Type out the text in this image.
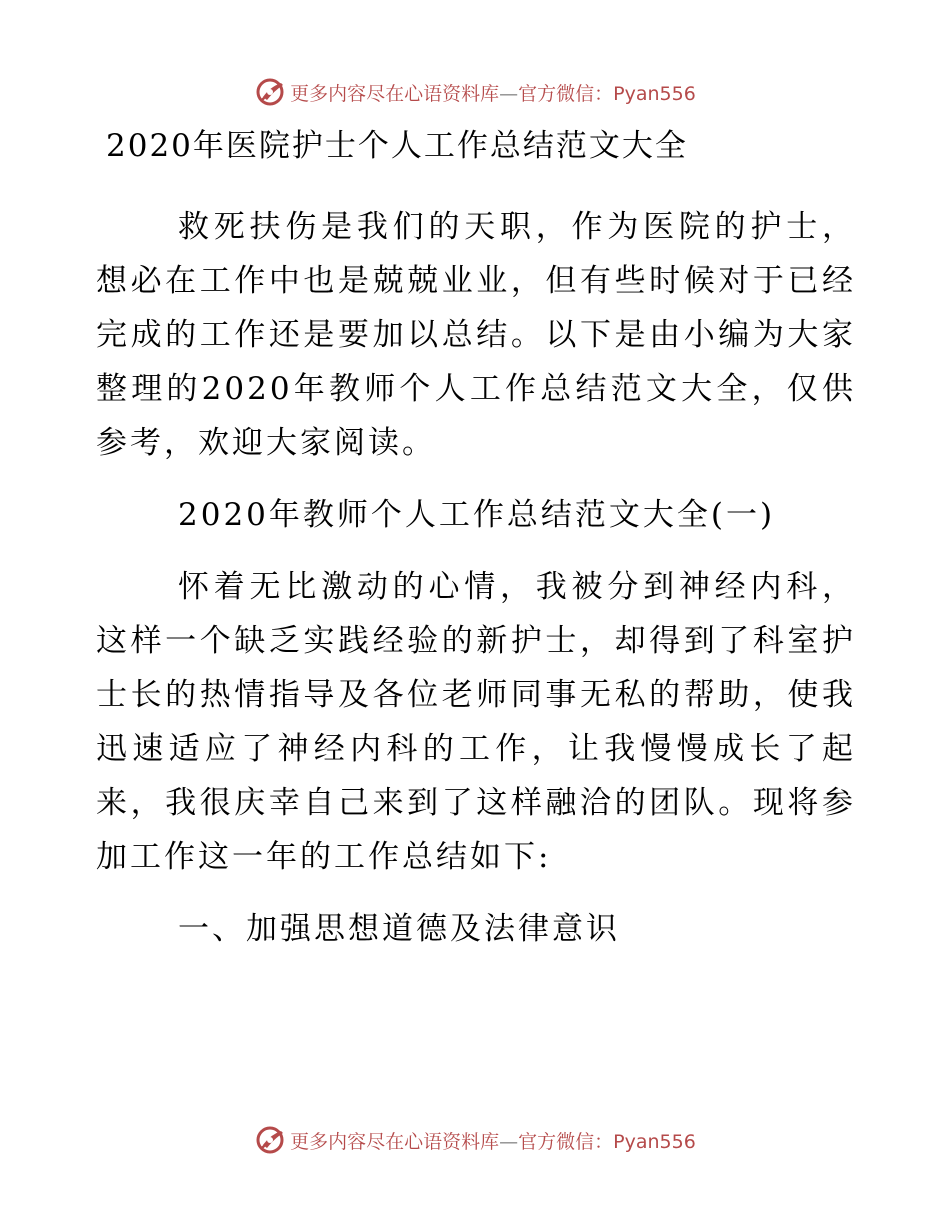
更多内容尽在心语资料库—官方微信：Pyan556
2020年医院护士个人工作总结范文大全

救死扶伤是我们的天职，作为医院的护士，想必在工作中也是兢兢业业，但有些时候对于已经完成的工作还是要加以总结。以下是由小编为大家整理的2020年教师个人工作总结范文大全，仅供参考，欢迎大家阅读。

2020年教师个人工作总结范文大全(一)

怀着无比激动的心情，我被分到神经内科，这样一个缺乏实践经验的新护士，却得到了科室护士长的热情指导及各位老师同事无私的帮助，使我迅速适应了神经内科的工作，让我慢慢成长了起来，我很庆幸自己来到了这样融洽的团队。现将参加工作这一年的工作总结如下:

一、加强思想道德及法律意识

更多内容尽在心语资料库—官方微信：Pyan556
